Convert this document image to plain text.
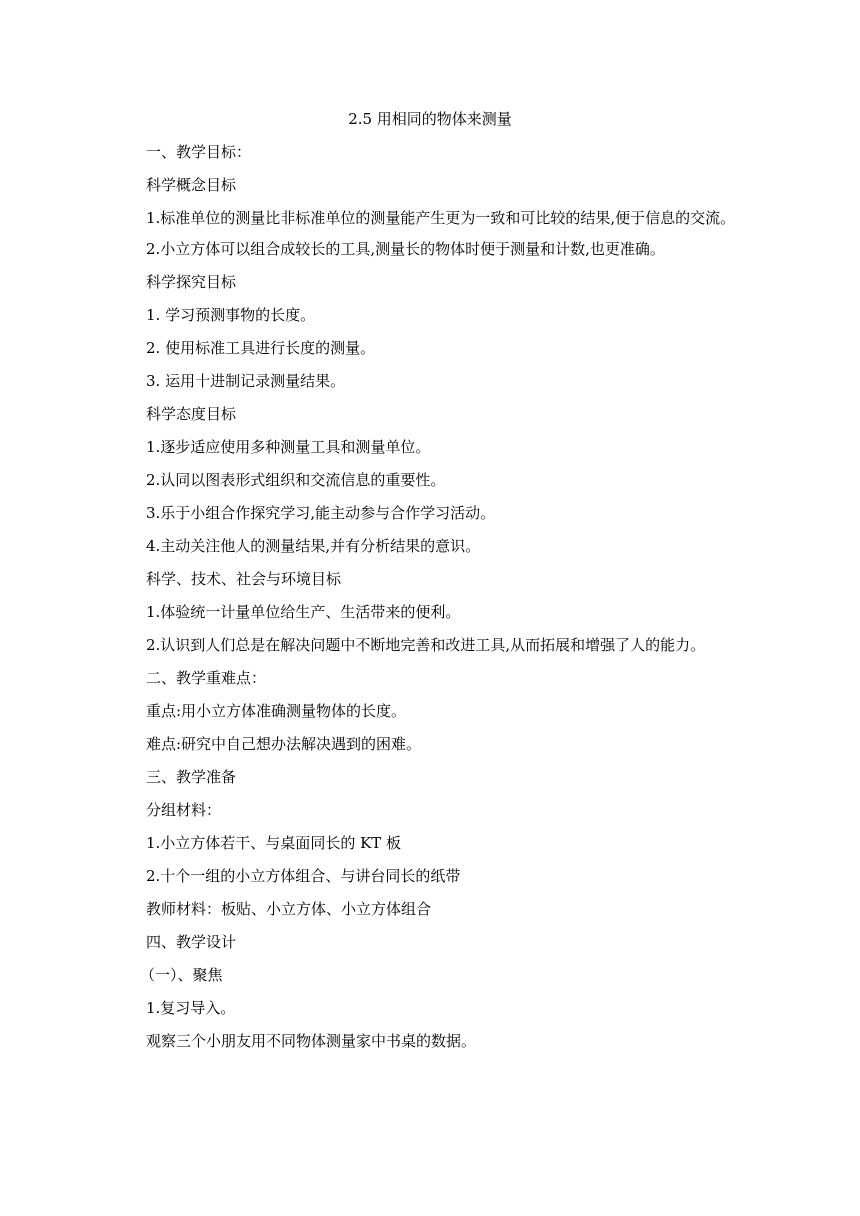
2.5 用相同的物体来测量

一、教学目标：

科学概念目标

1.标准单位的测量比非标准单位的测量能产生更为一致和可比较的结果,便于信息的交流。

2.小立方体可以组合成较长的工具,测量长的物体时便于测量和计数,也更准确。

科学探究目标

1. 学习预测事物的长度。

2. 使用标准工具进行长度的测量。

3. 运用十进制记录测量结果。

科学态度目标

1.逐步适应使用多种测量工具和测量单位。

2.认同以图表形式组织和交流信息的重要性。

3.乐于小组合作探究学习,能主动参与合作学习活动。

4.主动关注他人的测量结果,并有分析结果的意识。

科学、技术、社会与环境目标

1.体验统一计量单位给生产、生活带来的便利。

2.认识到人们总是在解决问题中不断地完善和改进工具,从而拓展和增强了人的能力。

二、教学重难点：

重点:用小立方体准确测量物体的长度。

难点:研究中自己想办法解决遇到的困难。

三、教学准备

分组材料：

1.小立方体若干、与桌面同长的 KT 板

2.十个一组的小立方体组合、与讲台同长的纸带

教师材料：板贴、小立方体、小立方体组合

四、教学设计

（一）、聚焦

1.复习导入。

观察三个小朋友用不同物体测量家中书桌的数据。
